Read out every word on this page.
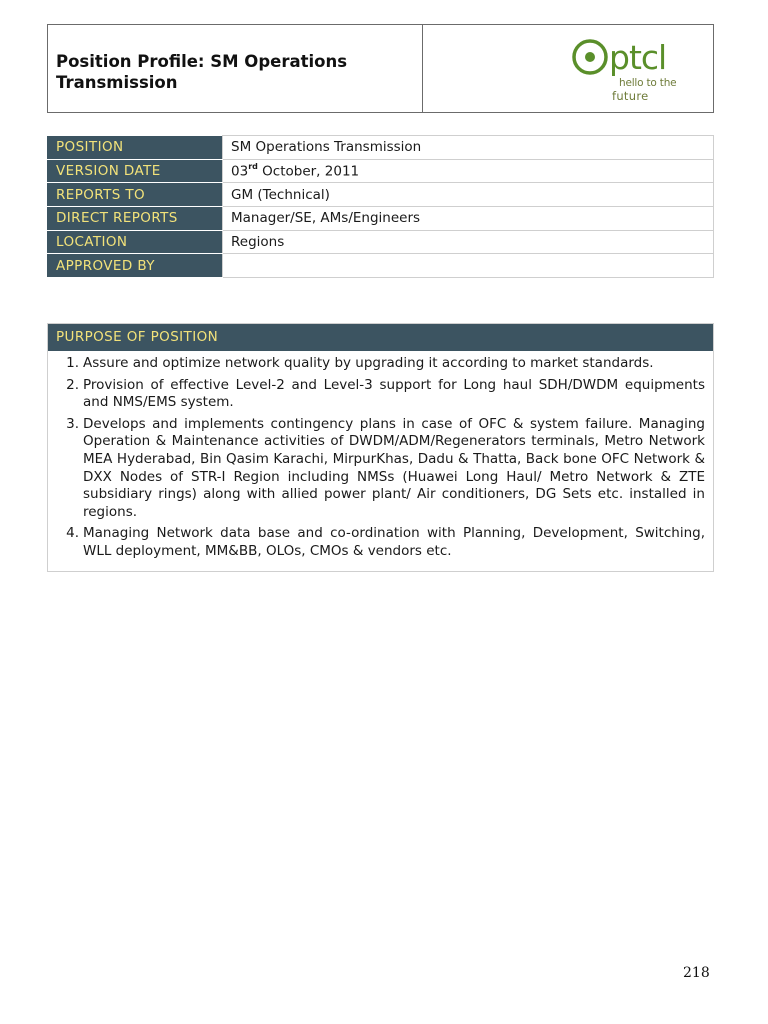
Position Profile: SM Operations
Transmission
ptcl
hello to the
future
POSITION	SM Operations Transmission
VERSION DATE	03rd October, 2011
REPORTS TO	GM (Technical)
DIRECT REPORTS	Manager/SE, AMs/Engineers
LOCATION	Regions
APPROVED BY	
PURPOSE OF POSITION
1. Assure and optimize network quality by upgrading it according to market standards.
2. Provision of effective Level-2 and Level-3 support for Long haul SDH/DWDM equipments and NMS/EMS system.
3. Develops and implements contingency plans in case of OFC & system failure. Managing Operation & Maintenance activities of DWDM/ADM/Regenerators terminals, Metro Network MEA Hyderabad, Bin Qasim Karachi, MirpurKhas, Dadu & Thatta, Back bone OFC Network & DXX Nodes of STR-I Region including NMSs (Huawei Long Haul/ Metro Network & ZTE subsidiary rings) along with allied power plant/ Air conditioners, DG Sets etc. installed in regions.
4. Managing Network data base and co-ordination with Planning, Development, Switching, WLL deployment, MM&BB, OLOs, CMOs & vendors etc.
218
